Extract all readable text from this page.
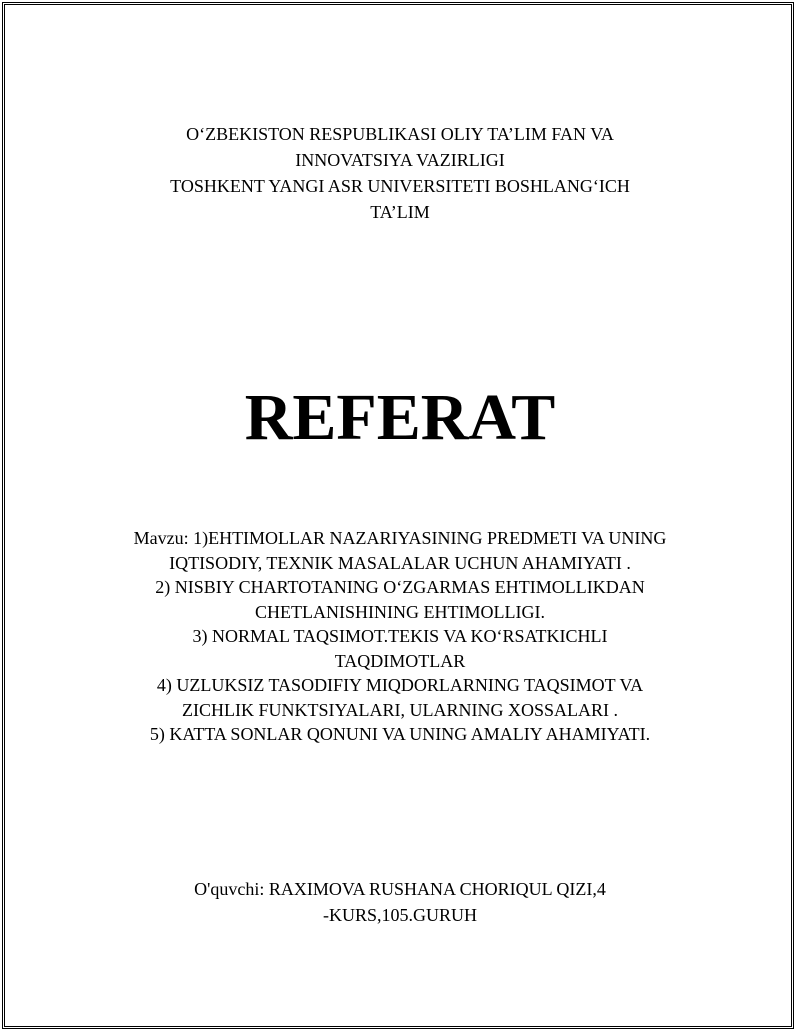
O‘ZBEKISTON RESPUBLIKASI OLIY TA’LIM FAN VA
INNOVATSIYA VAZIRLIGI
TOSHKENT YANGI ASR UNIVERSITETI BOSHLANG‘ICH
TA’LIM
REFERAT
Mavzu: 1)EHTIMOLLAR NAZARIYASINING PREDMETI VA UNING
IQTISODIY, TEXNIK MASALALAR UCHUN AHAMIYATI .
2) NISBIY CHARTOTANING O‘ZGARMAS EHTIMOLLIKDAN
CHETLANISHINING EHTIMOLLIGI.
3) NORMAL TAQSIMOT.TEKIS VA KO‘RSATKICHLI
TAQDIMOTLAR
4) UZLUKSIZ TASODIFIY MIQDORLARNING TAQSIMOT VA
ZICHLIK FUNKTSIYALARI, ULARNING XOSSALARI .
5) KATTA SONLAR QONUNI VA UNING AMALIY AHAMIYATI.
O'quvchi: RAXIMOVA RUSHANA CHORIQUL QIZI,4
-KURS,105.GURUH
